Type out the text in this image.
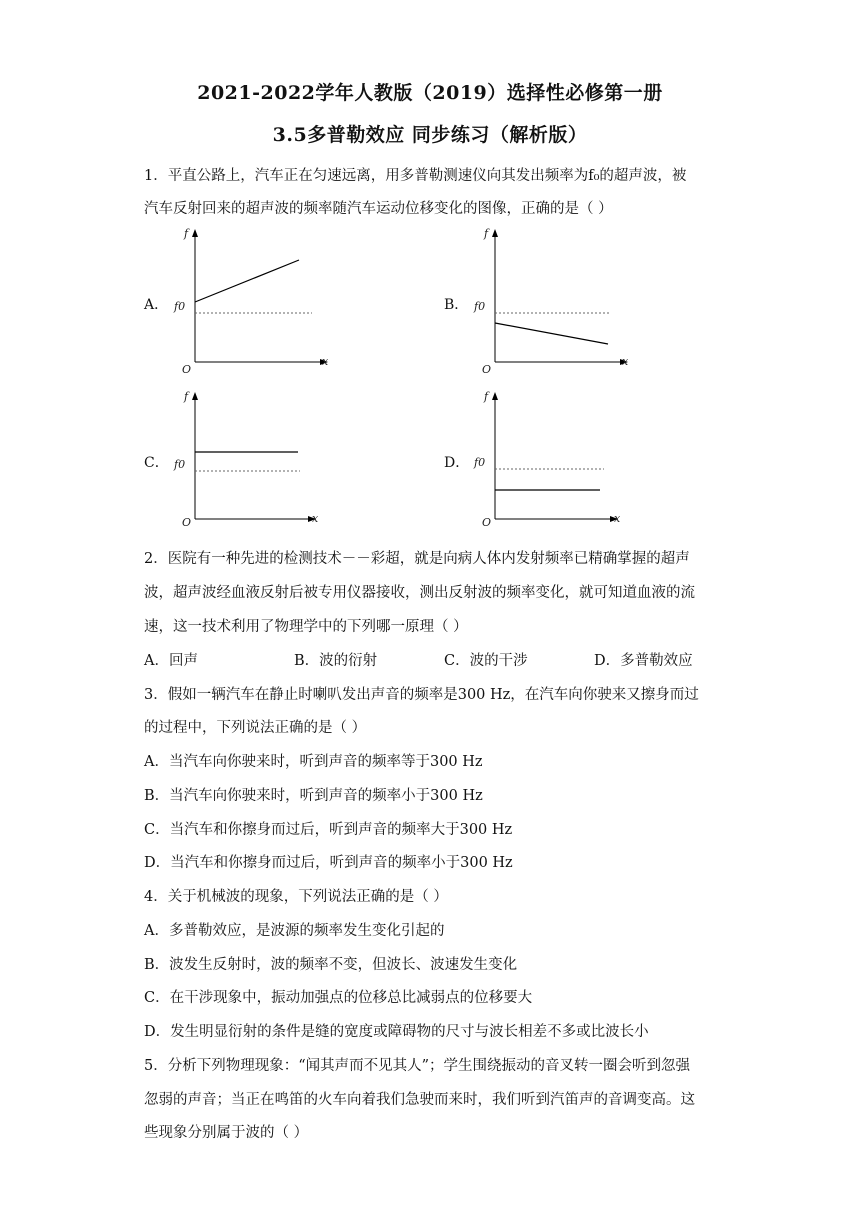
2021-2022学年人教版（2019）选择性必修第一册
3.5多普勒效应 同步练习（解析版）
1．平直公路上，汽车正在匀速远离，用多普勒测速仪向其发出频率为f₀的超声波，被
汽车反射回来的超声波的频率随汽车运动位移变化的图像，正确的是（ ）
A．
f
f0
O
x
B．
f
f0
O
x
C．
f
f0
O	x
D．
f
f0
O	x
2．医院有一种先进的检测技术－－彩超，就是向病人体内发射频率已精确掌握的超声
波，超声波经血液反射后被专用仪器接收，测出反射波的频率变化，就可知道血液的流
速，这一技术利用了物理学中的下列哪一原理（ ）
A．回声	B．波的衍射	C．波的干涉	D．多普勒效应
3．假如一辆汽车在静止时喇叭发出声音的频率是300 Hz，在汽车向你驶来又擦身而过
的过程中，下列说法正确的是（ ）
A．当汽车向你驶来时，听到声音的频率等于300 Hz
B．当汽车向你驶来时，听到声音的频率小于300 Hz
C．当汽车和你擦身而过后，听到声音的频率大于300 Hz
D．当汽车和你擦身而过后，听到声音的频率小于300 Hz
4．关于机械波的现象，下列说法正确的是（ ）
A．多普勒效应，是波源的频率发生变化引起的
B．波发生反射时，波的频率不变，但波长、波速发生变化
C．在干涉现象中，振动加强点的位移总比减弱点的位移要大
D．发生明显衍射的条件是缝的宽度或障碍物的尺寸与波长相差不多或比波长小
5．分析下列物理现象：“闻其声而不见其人”；学生围绕振动的音叉转一圈会听到忽强
忽弱的声音；当正在鸣笛的火车向着我们急驶而来时，我们听到汽笛声的音调变高。这
些现象分别属于波的（ ）
